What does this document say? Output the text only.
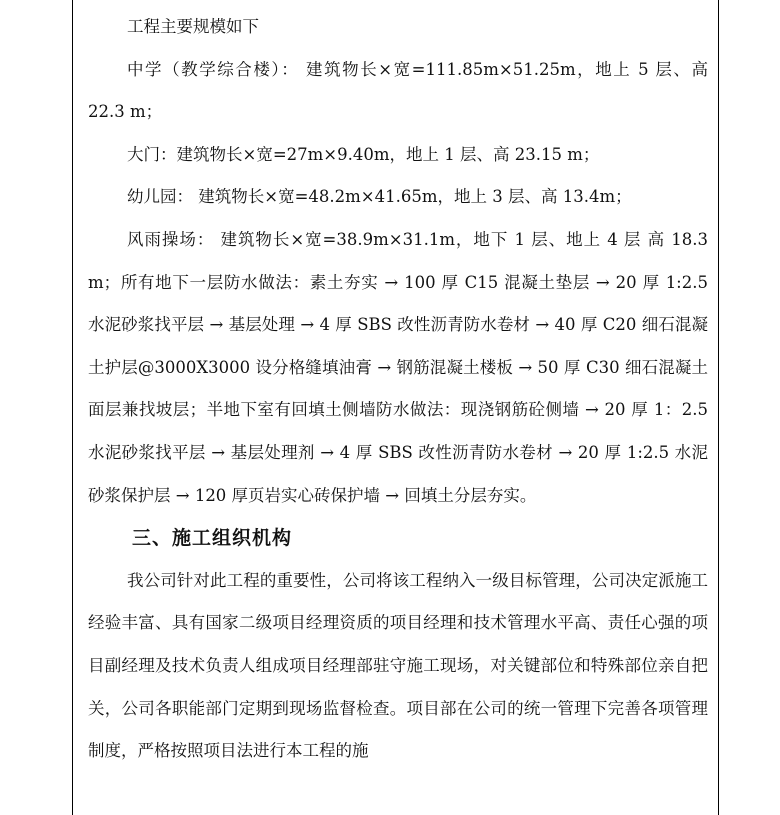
工程主要规模如下

中学（教学综合楼）： 建筑物长×宽=111.85m×51.25m，地上 5 层、高 22.3 m；

大门：建筑物长×宽=27m×9.40m，地上 1 层、高 23.15 m；

幼儿园： 建筑物长×宽=48.2m×41.65m，地上 3 层、高 13.4m；

风雨操场： 建筑物长×宽=38.9m×31.1m，地下 1 层、地上 4 层 高 18.3 m；所有地下一层防水做法：素土夯实 → 100 厚 C15 混凝土垫层 → 20 厚 1:2.5 水泥砂浆找平层 → 基层处理 → 4 厚 SBS 改性沥青防水卷材 → 40 厚 C20 细石混凝土护层@3000X3000 设分格缝填油膏 → 钢筋混凝土楼板 → 50 厚 C30 细石混凝土面层兼找坡层；半地下室有回填土侧墙防水做法：现浇钢筋砼侧墙 → 20 厚 1：2.5 水泥砂浆找平层 → 基层处理剂 → 4 厚 SBS 改性沥青防水卷材 → 20 厚 1:2.5 水泥砂浆保护层 → 120 厚页岩实心砖保护墙 → 回填土分层夯实。

三、施工组织机构

我公司针对此工程的重要性，公司将该工程纳入一级目标管理，公司决定派施工经验丰富、具有国家二级项目经理资质的项目经理和技术管理水平高、责任心强的项目副经理及技术负责人组成项目经理部驻守施工现场，对关键部位和特殊部位亲自把关，公司各职能部门定期到现场监督检查。项目部在公司的统一管理下完善各项管理制度，严格按照项目法进行本工程的施
